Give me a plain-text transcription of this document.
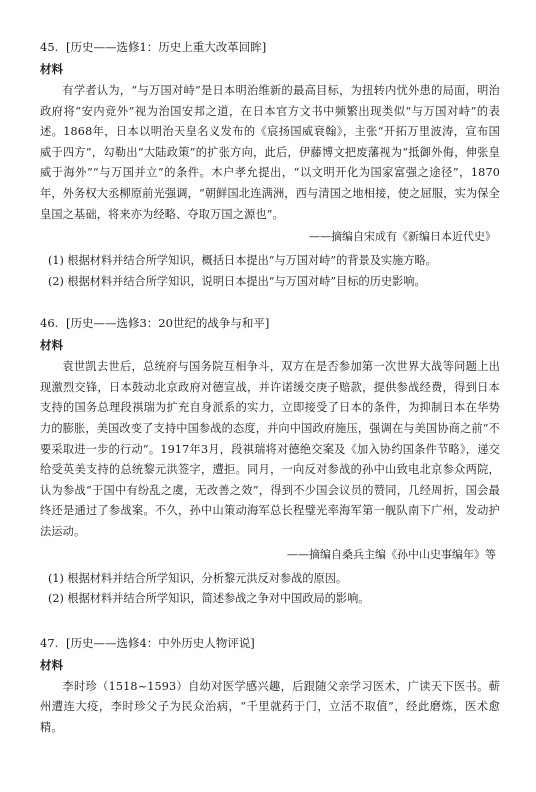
45. [历史——选修1：历史上重大改革回眸]
材料

有学者认为，“与万国对峙”是日本明治维新的最高目标，为扭转内忧外患的局面，明治政府将“安内竞外”视为治国安邦之道，在日本官方文书中频繁出现类似“与万国对峙”的表述。1868年，日本以明治天皇名义发布的《宸扬国威衰翰》，主张“开拓万里波涛，宣布国威于四方”，勾勒出“大陆政策”的扩张方向，此后，伊藤博文把废藩视为“抵御外侮，伸张皇威于海外”“与万国并立”的条件。木户孝允提出，“以文明开化为国家富强之途径”，1870年，外务权大丞柳原前光强调，“朝鲜国北连满洲，西与清国之地相接，使之屈服，实为保全皇国之基础，将来亦为经略、夺取万国之源也”。

——摘编自宋成有《新编日本近代史》
(1) 根据材料并结合所学知识，概括日本提出“与万国对峙”的背景及实施方略。
(2) 根据材料并结合所学知识，说明日本提出“与万国对峙”目标的历史影响。
46. [历史——选修3：20世纪的战争与和平]
材料

袁世凯去世后，总统府与国务院互相争斗，双方在是否参加第一次世界大战等问题上出现激烈交锋，日本鼓动北京政府对德宣战，并许诺缓交庚子赔款，提供参战经费，得到日本支持的国务总理段祺瑞为扩充自身派系的实力，立即接受了日本的条件，为抑制日本在华势力的膨胀，美国改变了支持中国参战的态度，并向中国政府施压，强调在与美国协商之前“不要采取进一步的行动”。1917年3月，段祺瑞将对德绝交案及《加入协约国条件节略》，递交给受英美支持的总统黎元洪签字，遭拒。同月，一向反对参战的孙中山致电北京参众两院，认为参战“于国中有纷乱之虞，无改善之效”，得到不少国会议员的赞同，几经周折，国会最终还是通过了参战案。不久，孙中山策动海军总长程璧光率海军第一舰队南下广州，发动护法运动。

——摘编自桑兵主编《孙中山史事编年》等
(1) 根据材料并结合所学知识，分析黎元洪反对参战的原因。
(2) 根据材料并结合所学知识，简述参战之争对中国政局的影响。
47. [历史——选修4：中外历史人物评说]
材料

李时珍（1518~1593）自幼对医学感兴趣，后跟随父亲学习医术，广读天下医书。蕲州遭连大疫，李时珍父子为民众治病，“千里就药于门，立活不取值”，经此磨炼，医术愈精。
